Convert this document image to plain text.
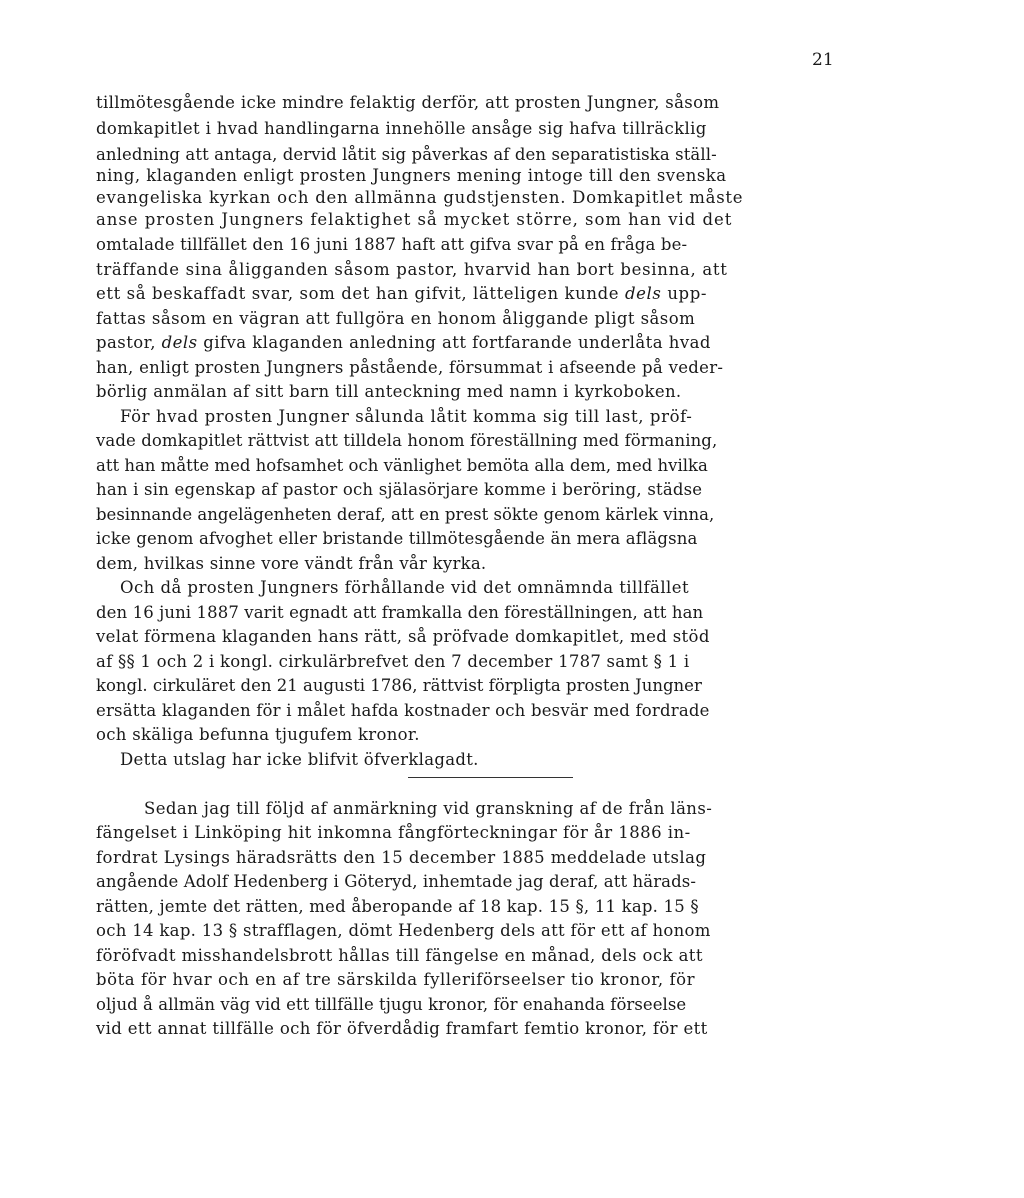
21
tillmötesgående icke mindre felaktig derför, att prosten Jungner, såsom
domkapitlet i hvad handlingarna innehölle ansåge sig hafva tillräcklig
anledning att antaga, dervid låtit sig påverkas af den separatistiska ställ-
ning, klaganden enligt prosten Jungners mening intoge till den svenska
evangeliska kyrkan och den allmänna gudstjensten. Domkapitlet måste
anse prosten Jungners felaktighet så mycket större, som han vid det
omtalade tillfället den 16 juni 1887 haft att gifva svar på en fråga be-
träffande sina åligganden såsom pastor, hvarvid han bort besinna, att
ett så beskaffadt svar, som det han gifvit, lätteligen kunde dels upp-
fattas såsom en vägran att fullgöra en honom åliggande pligt såsom
pastor, dels gifva klaganden anledning att fortfarande underlåta hvad
han, enligt prosten Jungners påstående, försummat i afseende på veder-
börlig anmälan af sitt barn till anteckning med namn i kyrkoboken.
För hvad prosten Jungner sålunda låtit komma sig till last, pröf-
vade domkapitlet rättvist att tilldela honom föreställning med förmaning,
att han måtte med hofsamhet och vänlighet bemöta alla dem, med hvilka
han i sin egenskap af pastor och själasörjare komme i beröring, städse
besinnande angelägenheten deraf, att en prest sökte genom kärlek vinna,
icke genom afvoghet eller bristande tillmötesgående än mera aflägsna
dem, hvilkas sinne vore vändt från vår kyrka.
Och då prosten Jungners förhållande vid det omnämnda tillfället
den 16 juni 1887 varit egnadt att framkalla den föreställningen, att han
velat förmena klaganden hans rätt, så pröfvade domkapitlet, med stöd
af §§ 1 och 2 i kongl. cirkulärbrefvet den 7 december 1787 samt § 1 i
kongl. cirkuläret den 21 augusti 1786, rättvist förpligta prosten Jungner
ersätta klaganden för i målet hafda kostnader och besvär med fordrade
och skäliga befunna tjugufem kronor.
Detta utslag har icke blifvit öfverklagadt.
Sedan jag till följd af anmärkning vid granskning af de från läns-
fängelset i Linköping hit inkomna fångförteckningar för år 1886 in-
fordrat Lysings häradsrätts den 15 december 1885 meddelade utslag
angående Adolf Hedenberg i Göteryd, inhemtade jag deraf, att härads-
rätten, jemte det rätten, med åberopande af 18 kap. 15 §, 11 kap. 15 §
och 14 kap. 13 § strafflagen, dömt Hedenberg dels att för ett af honom
föröfvadt misshandelsbrott hållas till fängelse en månad, dels ock att
böta för hvar och en af tre särskilda fylleriförseelser tio kronor, för
oljud å allmän väg vid ett tillfälle tjugu kronor, för enahanda förseelse
vid ett annat tillfälle och för öfverdådig framfart femtio kronor, för ett
